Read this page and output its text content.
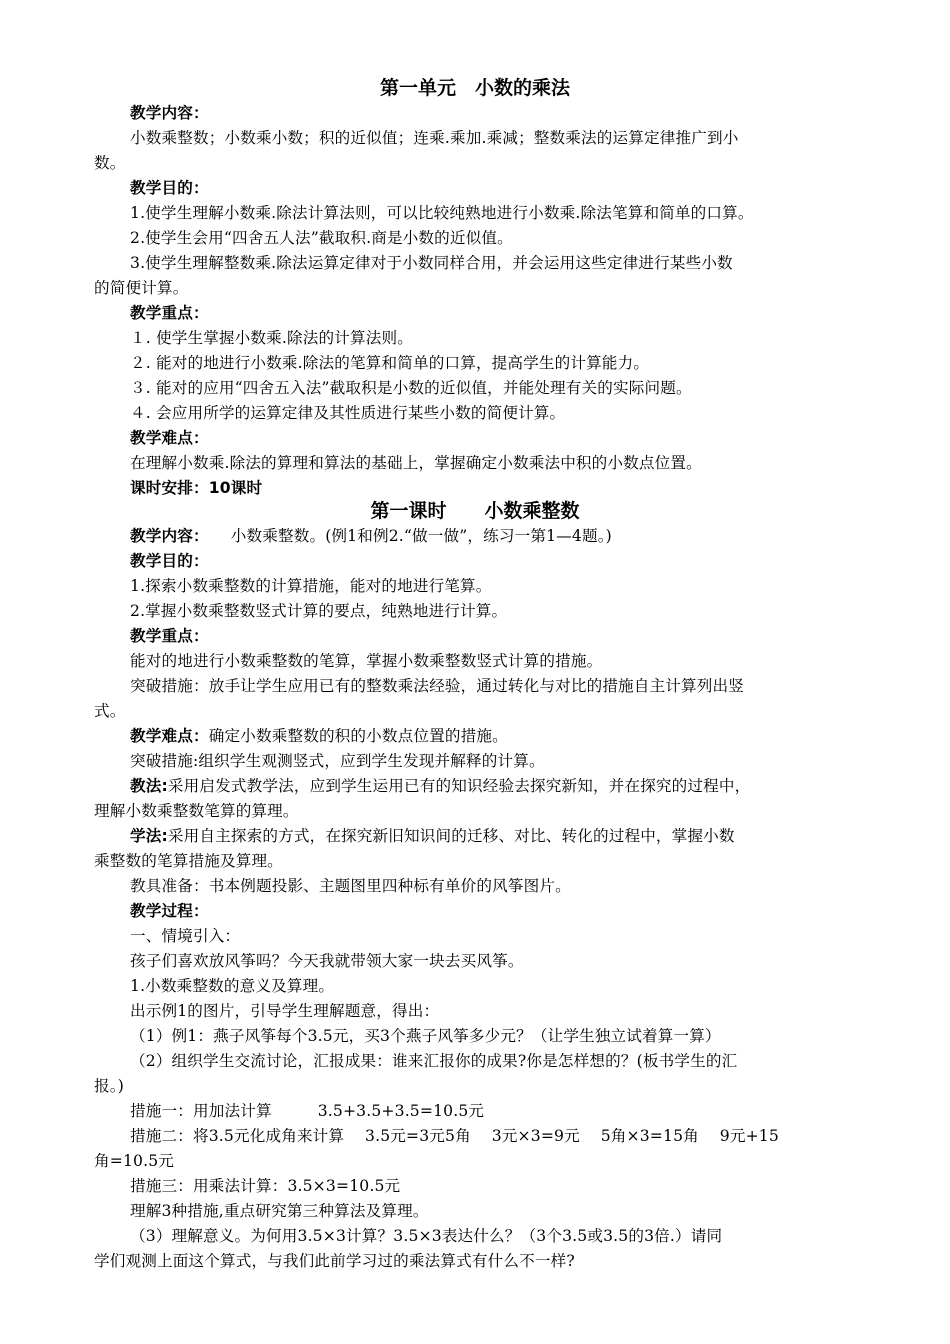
第一单元　小数的乘法
教学内容：
小数乘整数；小数乘小数；积的近似值；连乘.乘加.乘减；整数乘法的运算定律推广到小
数。
教学目的：
1.使学生理解小数乘.除法计算法则，可以比较纯熟地进行小数乘.除法笔算和简单的口算。
2.使学生会用“四舍五人法”截取积.商是小数的近似值。
3.使学生理解整数乘.除法运算定律对于小数同样合用，并会运用这些定律进行某些小数
的简便计算。
教学重点：
１. 使学生掌握小数乘.除法的计算法则。
２. 能对的地进行小数乘.除法的笔算和简单的口算，提高学生的计算能力。
３. 能对的应用“四舍五入法”截取积是小数的近似值，并能处理有关的实际问题。
４. 会应用所学的运算定律及其性质进行某些小数的简便计算。
教学难点：
在理解小数乘.除法的算理和算法的基础上，掌握确定小数乘法中积的小数点位置。
课时安排：10课时
第一课时　　小数乘整数
教学内容： 小数乘整数。(例1和例2.“做一做”，练习一第1—4题。)
教学目的：
1.探索小数乘整数的计算措施，能对的地进行笔算。
2.掌握小数乘整数竖式计算的要点，纯熟地进行计算。
教学重点：
能对的地进行小数乘整数的笔算，掌握小数乘整数竖式计算的措施。
突破措施：放手让学生应用已有的整数乘法经验，通过转化与对比的措施自主计算列出竖
式。
教学难点：确定小数乘整数的积的小数点位置的措施。
突破措施:组织学生观测竖式，应到学生发现并解释的计算。
教法:采用启发式教学法，应到学生运用已有的知识经验去探究新知，并在探究的过程中，
理解小数乘整数笔算的算理。
学法:采用自主探索的方式，在探究新旧知识间的迁移、对比、转化的过程中，掌握小数
乘整数的笔算措施及算理。
教具准备：书本例题投影、主题图里四种标有单价的风筝图片。
教学过程：
一、情境引入：
孩子们喜欢放风筝吗？今天我就带领大家一块去买风筝。
1.小数乘整数的意义及算理。
出示例1的图片，引导学生理解题意，得出：
（1）例1：燕子风筝每个3.5元，买3个燕子风筝多少元？（让学生独立试着算一算）
（2）组织学生交流讨论，汇报成果：谁来汇报你的成果?你是怎样想的？(板书学生的汇
报。)
措施一：用加法计算	3.5+3.5+3.5=10.5元
措施二：将3.5元化成角来计算　 3.5元=3元5角　 3元×3=9元　 5角×3=15角　 9元+15
角=10.5元
措施三：用乘法计算：3.5×3=10.5元
理解3种措施,重点研究第三种算法及算理。
（3）理解意义。为何用3.5×3计算？3.5×3表达什么？（3个3.5或3.5的3倍.）请同
学们观测上面这个算式，与我们此前学习过的乘法算式有什么不一样?
